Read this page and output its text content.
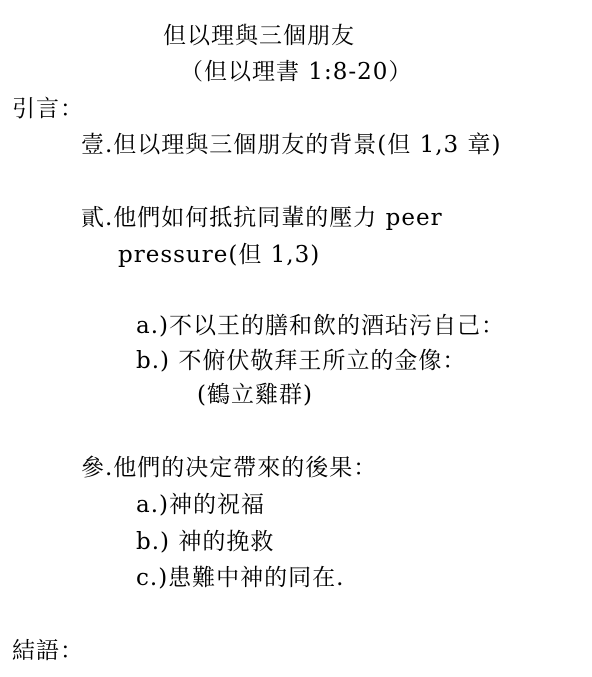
但以理與三個朋友
（但以理書 1:8-20）
引言：
壹.但以理與三個朋友的背景(但 1,3 章)
貳.他們如何抵抗同輩的壓力 peer
pressure(但 1,3)
a.)不以王的膳和飲的酒玷污自己：
b.) 不俯伏敬拜王所立的金像：
(鶴立雞群)
參.他們的决定帶來的後果：
a.)神的祝福
b.) 神的挽救
c.)患難中神的同在.
結語：
